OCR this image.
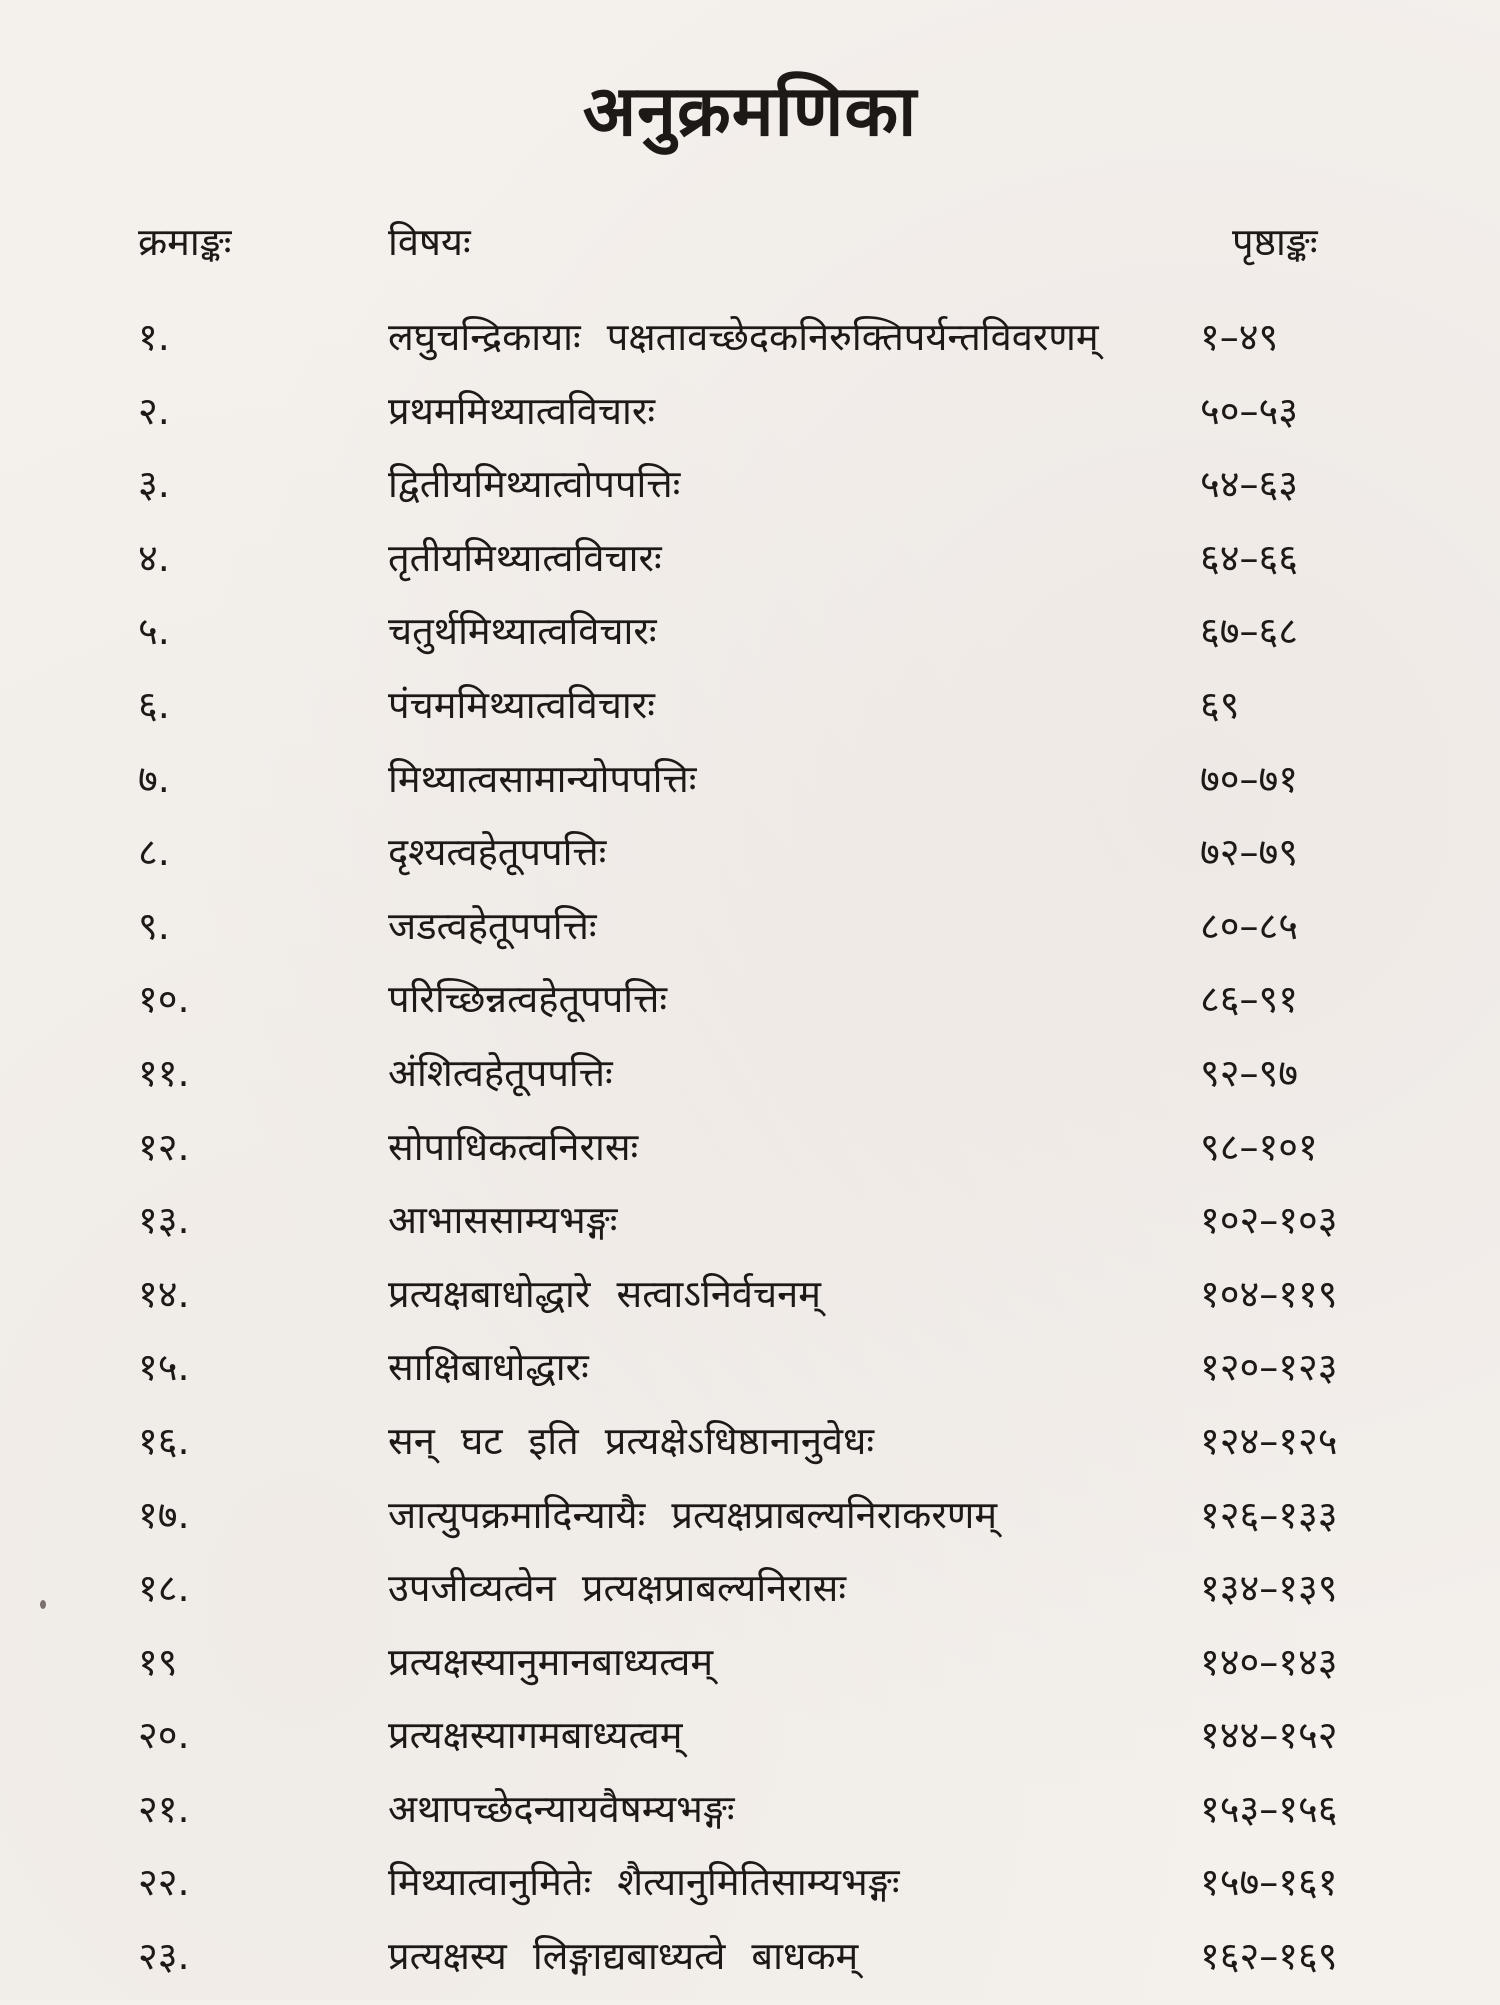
अनुक्रमणिका
क्रमाङ्कः	विषयः	पृष्ठाङ्कः
१.	लघुचन्द्रिकायाः पक्षतावच्छेदकनिरुक्तिपर्यन्तविवरणम्	१–४९
२.	प्रथममिथ्यात्वविचारः	५०–५३
३.	द्वितीयमिथ्यात्वोपपत्तिः	५४–६३
४.	तृतीयमिथ्यात्वविचारः	६४–६६
५.	चतुर्थमिथ्यात्वविचारः	६७–६८
६.	पंचममिथ्यात्वविचारः	६९
७.	मिथ्यात्वसामान्योपपत्तिः	७०–७१
८.	दृश्यत्वहेतूपपत्तिः	७२–७९
९.	जडत्वहेतूपपत्तिः	८०–८५
१०.	परिच्छिन्नत्वहेतूपपत्तिः	८६–९१
११.	अंशित्वहेतूपपत्तिः	९२–९७
१२.	सोपाधिकत्वनिरासः	९८–१०१
१३.	आभाससाम्यभङ्गः	१०२–१०३
१४.	प्रत्यक्षबाधोद्धारे सत्वाऽनिर्वचनम्	१०४–११९
१५.	साक्षिबाधोद्धारः	१२०–१२३
१६.	सन् घट इति प्रत्यक्षेऽधिष्ठानानुवेधः	१२४–१२५
१७.	जात्युपक्रमादिन्यायैः प्रत्यक्षप्राबल्यनिराकरणम्	१२६–१३३
१८.	उपजीव्यत्वेन प्रत्यक्षप्राबल्यनिरासः	१३४–१३९
१९	प्रत्यक्षस्यानुमानबाध्यत्वम्	१४०–१४३
२०.	प्रत्यक्षस्यागमबाध्यत्वम्	१४४–१५२
२१.	अथापच्छेदन्यायवैषम्यभङ्गः	१५३–१५६
२२.	मिथ्यात्वानुमितेः शैत्यानुमितिसाम्यभङ्गः	१५७–१६१
२३.	प्रत्यक्षस्य लिङ्गाद्यबाध्यत्वे बाधकम्	१६२–१६९
